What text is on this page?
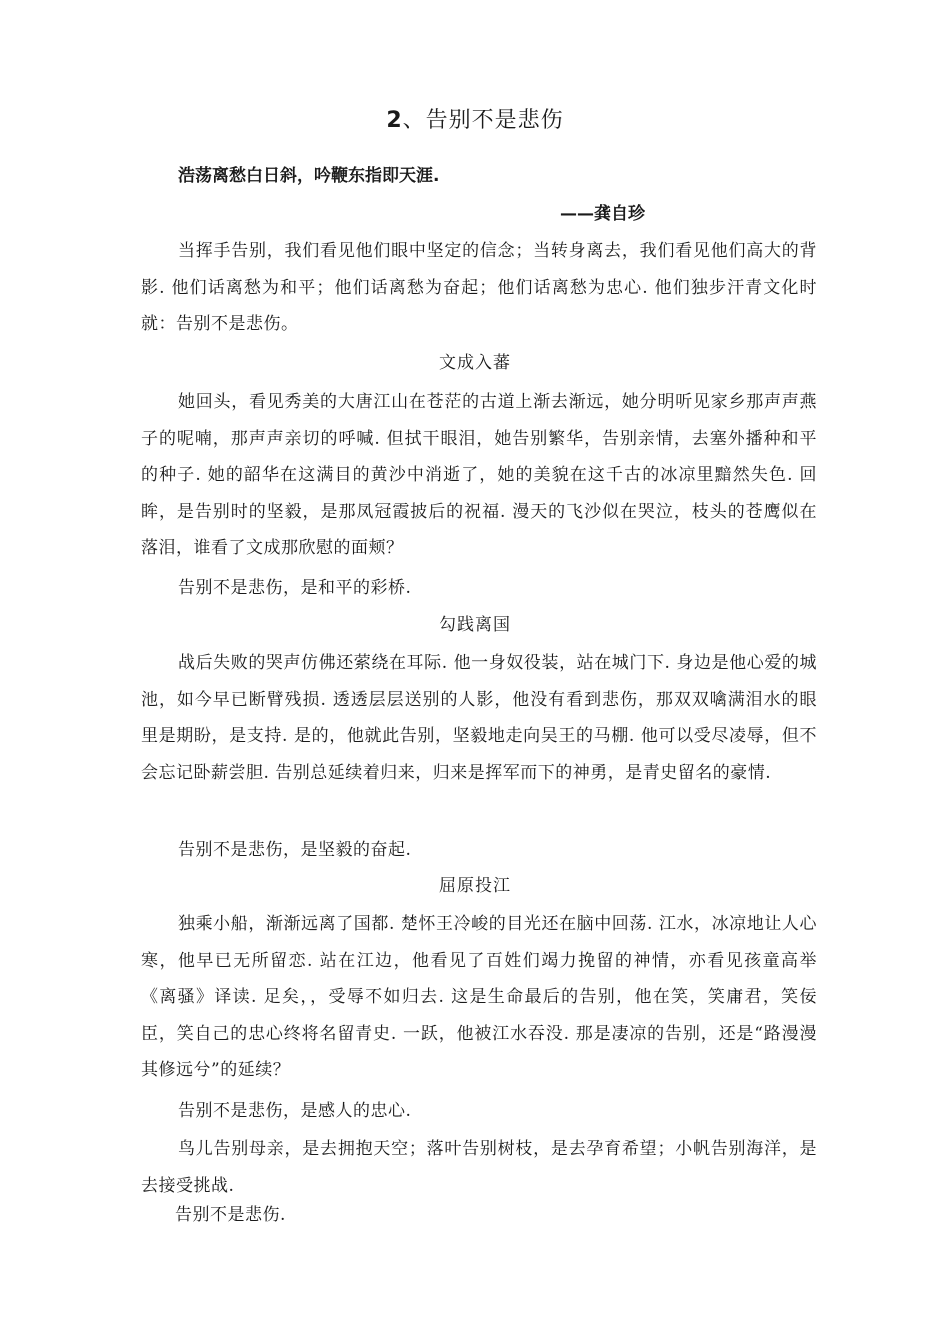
2、告别不是悲伤
浩荡离愁白日斜，吟鞭东指即天涯.
——龚自珍
当挥手告别，我们看见他们眼中坚定的信念；当转身离去，我们看见他们高大的背影. 他们话离愁为和平；他们话离愁为奋起；他们话离愁为忠心. 他们独步汗青文化时就：告别不是悲伤。
文成入蕃
她回头，看见秀美的大唐江山在苍茫的古道上渐去渐远，她分明听见家乡那声声燕子的呢喃，那声声亲切的呼喊. 但拭干眼泪，她告别繁华，告别亲情，去塞外播种和平的种子. 她的韶华在这满目的黄沙中消逝了，她的美貌在这千古的冰凉里黯然失色. 回眸，是告别时的坚毅，是那凤冠霞披后的祝福. 漫天的飞沙似在哭泣，枝头的苍鹰似在落泪，谁看了文成那欣慰的面颊？
告别不是悲伤，是和平的彩桥.
勾践离国
战后失败的哭声仿佛还萦绕在耳际. 他一身奴役装，站在城门下. 身边是他心爱的城池，如今早已断臂残损. 透透层层送别的人影，他没有看到悲伤，那双双噙满泪水的眼里是期盼，是支持. 是的，他就此告别，坚毅地走向吴王的马棚. 他可以受尽凌辱，但不会忘记卧薪尝胆. 告别总延续着归来，归来是挥军而下的神勇，是青史留名的豪情.
告别不是悲伤，是坚毅的奋起.
屈原投江
独乘小船，渐渐远离了国都. 楚怀王冷峻的目光还在脑中回荡. 江水，冰凉地让人心寒，他早已无所留恋. 站在江边，他看见了百姓们竭力挽留的神情，亦看见孩童高举《离骚》译读. 足矣，，受辱不如归去. 这是生命最后的告别，他在笑，笑庸君，笑佞臣，笑自己的忠心终将名留青史. 一跃，他被江水吞没. 那是凄凉的告别，还是“路漫漫其修远兮”的延续？
告别不是悲伤，是感人的忠心.
鸟儿告别母亲，是去拥抱天空；落叶告别树枝，是去孕育希望；小帆告别海洋，是去接受挑战.
告别不是悲伤.
